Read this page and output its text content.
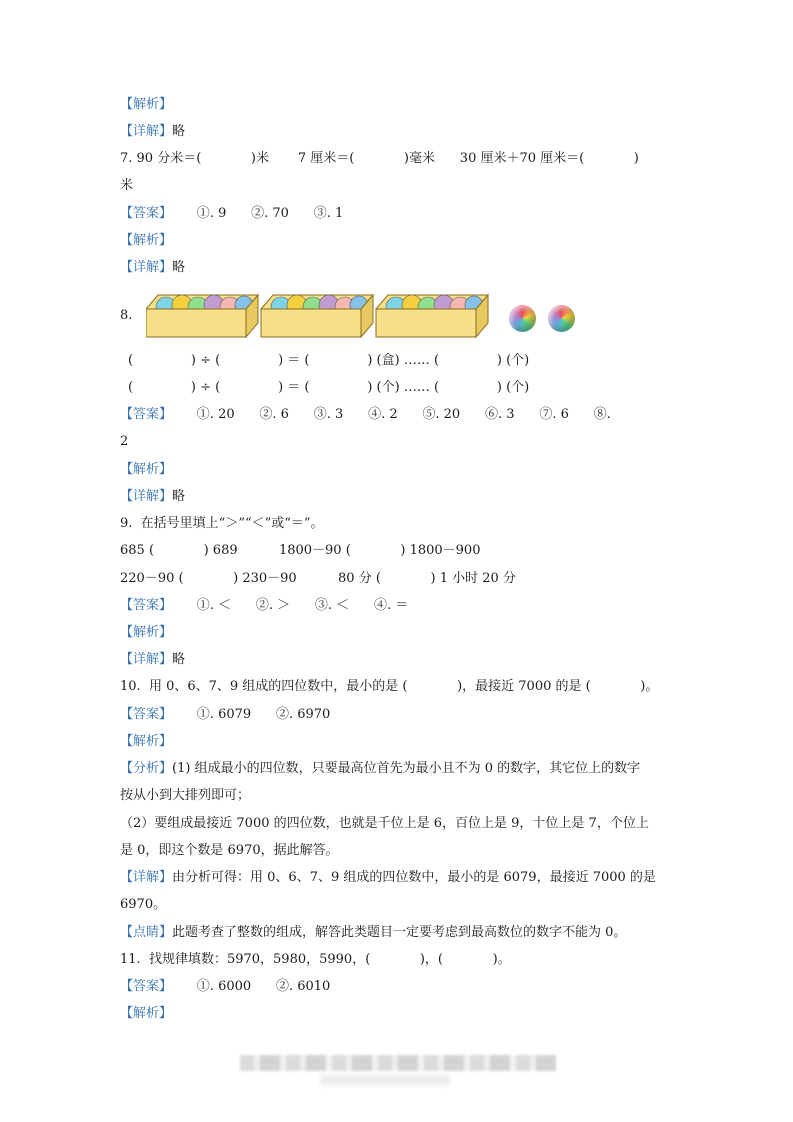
【解析】
【详解】略
7. 90 分米＝(            )米       7 厘米＝(            )毫米      30 厘米＋70 厘米＝(            )
米
【答案】      ①. 9      ②. 70      ③. 1
【解析】
【详解】略
8.
(              ) ÷ (              ) ＝ (              ) (盒) …… (              ) (个)
(              ) ÷ (              ) ＝ (              ) (个) …… (              ) (个)
【答案】      ①. 20      ②. 6      ③. 3      ④. 2      ⑤. 20      ⑥. 3      ⑦. 6      ⑧.
2
【解析】
【详解】略
9.  在括号里填上“＞”“＜”或“＝”。
685 (            ) 689          1800－90 (            ) 1800－900
220－90 (            ) 230－90          80 分 (            ) 1 小时 20 分
【答案】      ①. ＜      ②. ＞      ③. ＜      ④. ＝
【解析】
【详解】略
10.  用 0、6、7、9 组成的四位数中，最小的是 (            )，最接近 7000 的是 (            )。
【答案】      ①. 6079      ②. 6970
【解析】
【分析】(1) 组成最小的四位数，只要最高位首先为最小且不为 0 的数字，其它位上的数字
按从小到大排列即可；
（2）要组成最接近 7000 的四位数，也就是千位上是 6，百位上是 9，十位上是 7，个位上
是 0，即这个数是 6970，据此解答。
【详解】由分析可得：用 0、6、7、9 组成的四位数中，最小的是 6079，最接近 7000 的是
6970。
【点睛】此题考查了整数的组成，解答此类题目一定要考虑到最高数位的数字不能为 0。
11.  找规律填数：5970，5980，5990，(            )，(            )。
【答案】      ①. 6000      ②. 6010
【解析】
